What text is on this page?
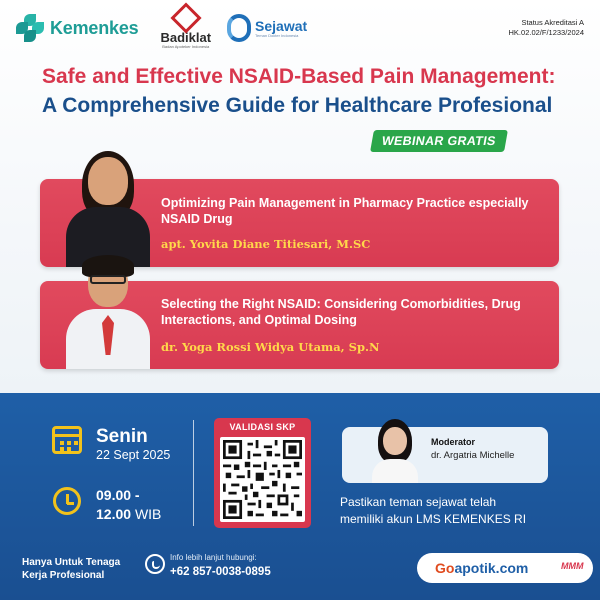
Kemenkes Badiklat
Badan Apoteker Indonesia
Sejawat
Teman Dokter Indonesia
Status Akreditasi A
HK.02.02/F/1233/2024
Safe and Effective NSAID-Based Pain Management: A Comprehensive Guide for Healthcare Profesional
WEBINAR GRATIS
Optimizing Pain Management in Pharmacy Practice especially NSAID Drug
apt. Yovita Diane Titiesari, M.SC
Selecting the Right NSAID: Considering Comorbidities, Drug Interactions, and Optimal Dosing
dr. Yoga Rossi Widya Utama, Sp.N
Senin
22 Sept 2025
09.00 -
12.00 WIB
VALIDASI SKP
Moderator
dr. Argatria Michelle
Pastikan teman sejawat telah
memiliki akun LMS KEMENKES RI
Hanya Untuk Tenaga
Kerja Profesional
Info lebih lanjut hubungi:
+62 857-0038-0895	Goapotik.com	MMM
